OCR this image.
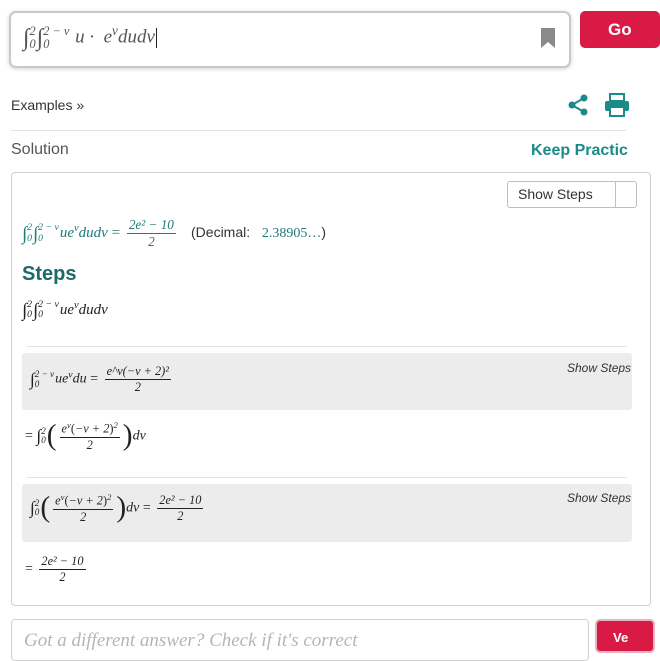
∫ 2
0 ∫ 2 − v
0	$u \cdot e^vdudv$	Go
Examples »
Solution	Keep Practic
Show Steps
∫ 2
0 ∫ 2 − v
0	$ue^vdudv = \frac{\text{2e² − 10}}{2}$ (Decimal: 2.38905…)
Steps
∫ 2
0 ∫ 2 − v
0	$ue^vdudv$
Show Steps
∫ 2 − v
0	$ue^vdu = \frac{\text{e\textasciicircum{}v(−v + 2)²}}{2}$
= ∫ 2
0 ( $\frac{e^v(-v + 2)^2}{2} )dv$
Show Steps
∫ 2
0 ( $\frac{e^v(-v + 2)^2}{2} )dv = \frac{\text{2e² − 10}}{2}$
= $\frac{\text{2e² − 10}}{2}$
Got a different answer? Check if it's correct	Ve
